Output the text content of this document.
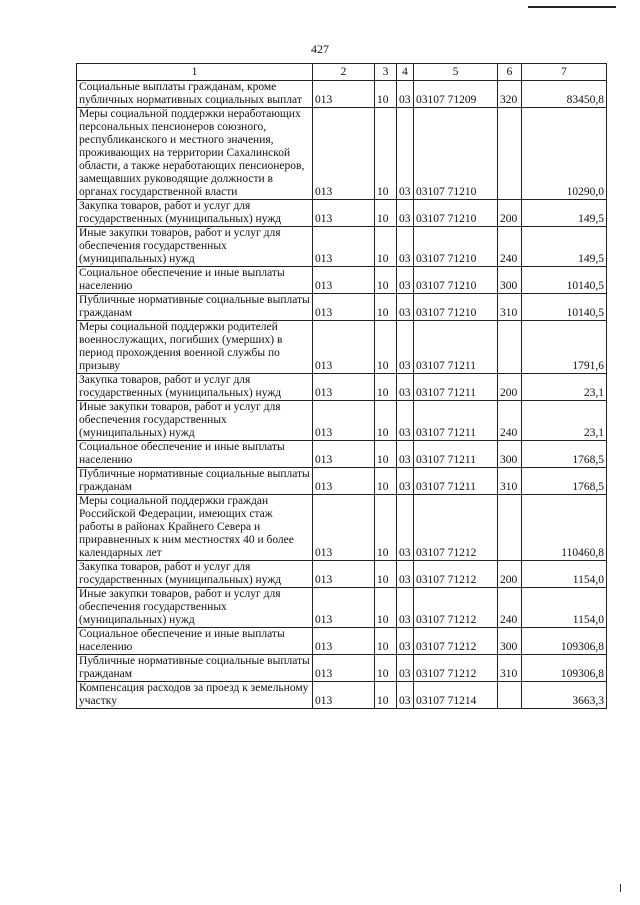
427
1	2	3	4	5	6	7
Социальные выплаты гражданам, кроме публичных нормативных социальных выплат	013	10	03	03107 71209	320	83450,8
Меры социальной поддержки неработающих персональных пенсионеров союзного, республиканского и местного значения, проживающих на территории Сахалинской области, а также неработающих пенсионеров, замещавших руководящие должности в органах государственной власти	013	10	03	03107 71210		10290,0
Закупка товаров, работ и услуг для государственных (муниципальных) нужд	013	10	03	03107 71210	200	149,5
Иные закупки товаров, работ и услуг для обеспечения государственных (муниципальных) нужд	013	10	03	03107 71210	240	149,5
Социальное обеспечение и иные выплаты населению	013	10	03	03107 71210	300	10140,5
Публичные нормативные социальные выплаты гражданам	013	10	03	03107 71210	310	10140,5
Меры социальной поддержки родителей военнослужащих, погибших (умерших) в период прохождения военной службы по призыву	013	10	03	03107 71211		1791,6
Закупка товаров, работ и услуг для государственных (муниципальных) нужд	013	10	03	03107 71211	200	23,1
Иные закупки товаров, работ и услуг для обеспечения государственных (муниципальных) нужд	013	10	03	03107 71211	240	23,1
Социальное обеспечение и иные выплаты населению	013	10	03	03107 71211	300	1768,5
Публичные нормативные социальные выплаты гражданам	013	10	03	03107 71211	310	1768,5
Меры социальной поддержки граждан Российской Федерации, имеющих стаж работы в районах Крайнего Севера и приравненных к ним местностях 40 и более календарных лет	013	10	03	03107 71212		110460,8
Закупка товаров, работ и услуг для государственных (муниципальных) нужд	013	10	03	03107 71212	200	1154,0
Иные закупки товаров, работ и услуг для обеспечения государственных (муниципальных) нужд	013	10	03	03107 71212	240	1154,0
Социальное обеспечение и иные выплаты населению	013	10	03	03107 71212	300	109306,8
Публичные нормативные социальные выплаты гражданам	013	10	03	03107 71212	310	109306,8
Компенсация расходов за проезд к земельному участку	013	10	03	03107 71214		3663,3
